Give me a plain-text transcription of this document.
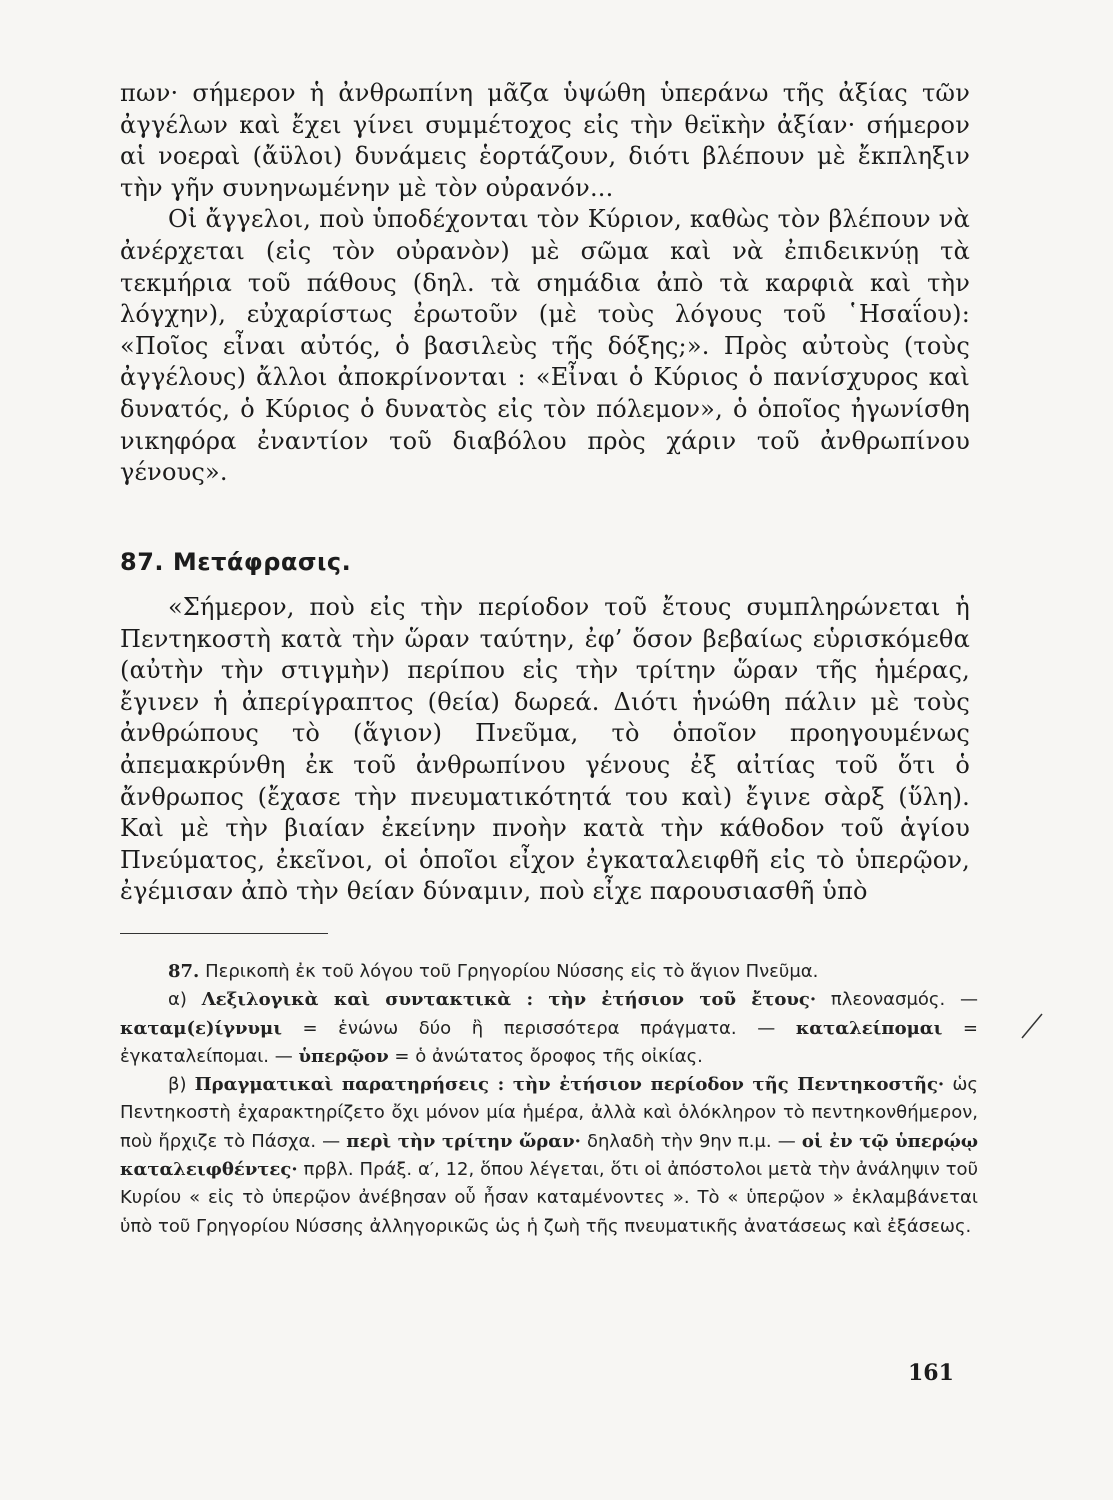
πων· σήμερον ἡ ἀνθρωπίνη μᾶζα ὑψώθη ὑπεράνω τῆς ἀξίας τῶν ἀγγέλων καὶ ἔχει γίνει συμμέτοχος εἰς τὴν θεϊκὴν ἀξίαν· σήμερον αἱ νοεραὶ (ἄϋλοι) δυνάμεις ἑορτάζουν, διότι βλέπουν μὲ ἔκπληξιν τὴν γῆν συνηνωμένην μὲ τὸν οὐρανόν...

Οἱ ἄγγελοι, ποὺ ὑποδέχονται τὸν Κύριον, καθὼς τὸν βλέπουν νὰ ἀνέρχεται (εἰς τὸν οὐρανὸν) μὲ σῶμα καὶ νὰ ἐπιδεικνύῃ τὰ τεκμήρια τοῦ πάθους (δηλ. τὰ σημάδια ἀπὸ τὰ καρφιὰ καὶ τὴν λόγχην), εὐχαρίστως ἐρωτοῦν (μὲ τοὺς λόγους τοῦ ῾Ησαΐου): «Ποῖος εἶναι αὐτός, ὁ βασιλεὺς τῆς δόξης;». Πρὸς αὐτοὺς (τοὺς ἀγγέλους) ἄλλοι ἀποκρίνονται : «Εἶναι ὁ Κύριος ὁ πανίσχυρος καὶ δυνατός, ὁ Κύριος ὁ δυνατὸς εἰς τὸν πόλεμον», ὁ ὁποῖος ἠγωνίσθη νικηφόρα ἐναντίον τοῦ διαβόλου πρὸς χάριν τοῦ ἀνθρωπίνου γένους».

87. Μετάφρασις.

«Σήμερον, ποὺ εἰς τὴν περίοδον τοῦ ἔτους συμπληρώνεται ἡ Πεντηκοστὴ κατὰ τὴν ὥραν ταύτην, ἐφ’ ὅσον βεβαίως εὑρισκόμεθα (αὐτὴν τὴν στιγμὴν) περίπου εἰς τὴν τρίτην ὥραν τῆς ἡμέρας, ἔγινεν ἡ ἀπερίγραπτος (θεία) δωρεά. Διότι ἡνώθη πάλιν μὲ τοὺς ἀνθρώπους τὸ (ἅγιον) Πνεῦμα, τὸ ὁποῖον προηγουμένως ἀπεμακρύνθη ἐκ τοῦ ἀνθρωπίνου γένους ἐξ αἰτίας τοῦ ὅτι ὁ ἄνθρωπος (ἔχασε τὴν πνευματικότητά του καὶ) ἔγινε σὰρξ (ὕλη). Καὶ μὲ τὴν βιαίαν ἐκείνην πνοὴν κατὰ τὴν κάθοδον τοῦ ἁγίου Πνεύματος, ἐκεῖνοι, οἱ ὁποῖοι εἶχον ἐγκαταλειφθῆ εἰς τὸ ὑπερῷον, ἐγέμισαν ἀπὸ τὴν θείαν δύναμιν, ποὺ εἶχε παρουσιασθῆ ὑπὸ

87. Περικοπὴ ἐκ τοῦ λόγου τοῦ Γρηγορίου Νύσσης εἰς τὸ ἅγιον Πνεῦμα.

α) Λεξιλογικὰ καὶ συντακτικὰ : τὴν ἐτήσιον τοῦ ἔτους· πλεονασμός. — καταμ(ε)ίγνυμι = ἑνώνω δύο ἢ περισσότερα πράγματα. — καταλείπομαι = ἐγκαταλείπομαι. — ὑπερῷον = ὁ ἀνώτατος ὄροφος τῆς οἰκίας.

β) Πραγματικαὶ παρατηρήσεις : τὴν ἐτήσιον περίοδον τῆς Πεντηκοστῆς· ὡς Πεντηκοστὴ ἐχαρακτηρίζετο ὄχι μόνον μία ἡμέρα, ἀλλὰ καὶ ὁλόκληρον τὸ πεντηκονθήμερον, ποὺ ἤρχιζε τὸ Πάσχα. — περὶ τὴν τρίτην ὥραν· δηλαδὴ τὴν 9ην π.μ. — οἱ ἐν τῷ ὑπερῴῳ καταλειφθέντες· πρβλ. Πράξ. α′, 12, ὅπου λέγεται, ὅτι οἱ ἀπόστολοι μετὰ τὴν ἀνάληψιν τοῦ Κυρίου « εἰς τὸ ὑπερῷον ἀνέβησαν οὗ ἦσαν καταμένοντες ». Τὸ « ὑπερῷον » ἐκλαμβάνεται ὑπὸ τοῦ Γρηγορίου Νύσσης ἀλληγορικῶς ὡς ἡ ζωὴ τῆς πνευματικῆς ἀνατάσεως καὶ ἐξάσεως.

161
